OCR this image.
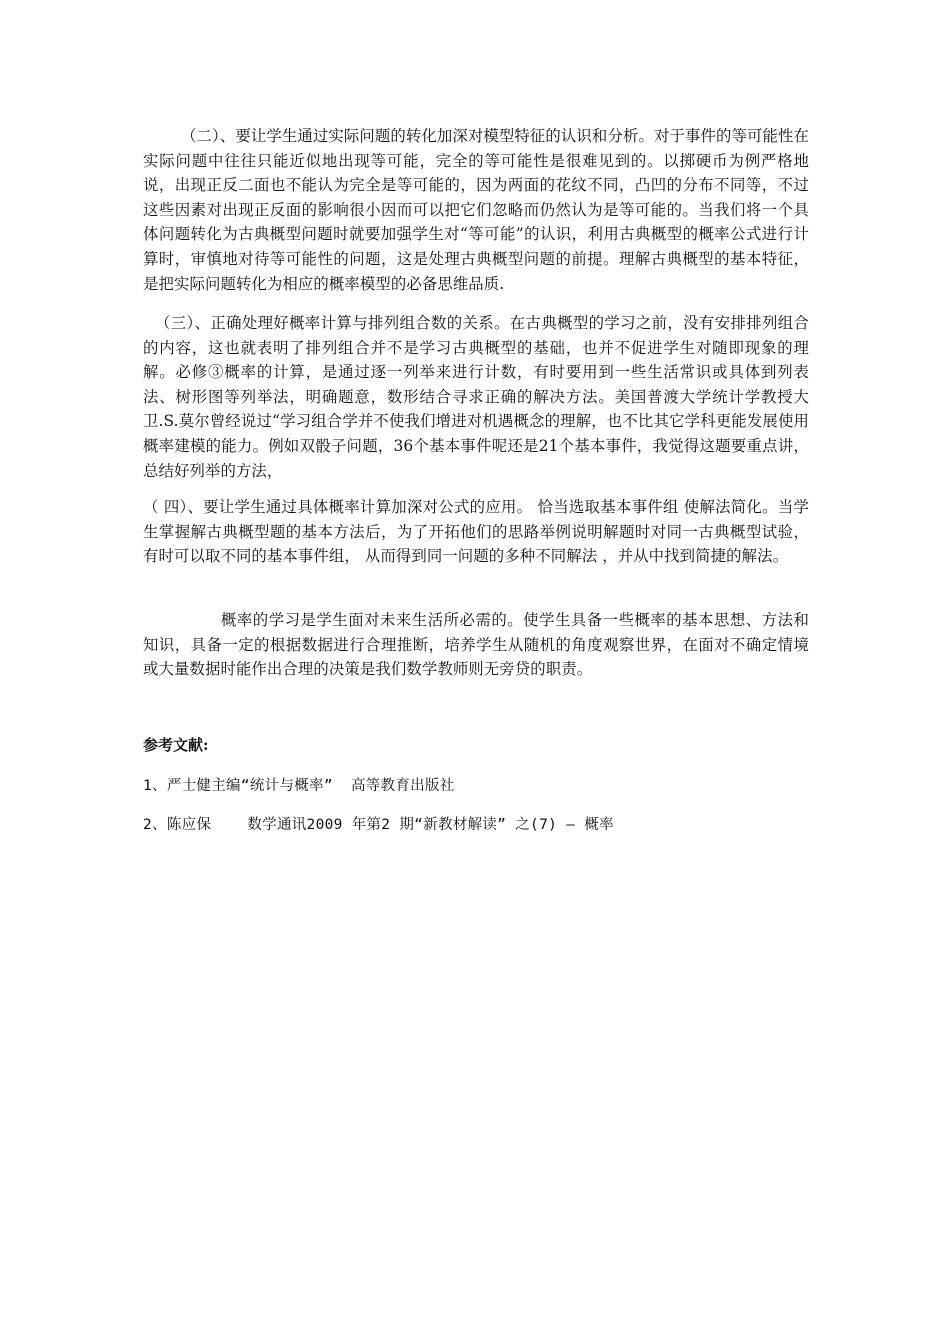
（二）、要让学生通过实际问题的转化加深对模型特征的认识和分析。对于事件的等可能性在实际问题中往往只能近似地出现等可能，完全的等可能性是很难见到的。以掷硬币为例严格地说，出现正反二面也不能认为完全是等可能的，因为两面的花纹不同，凸凹的分布不同等，不过这些因素对出现正反面的影响很小因而可以把它们忽略而仍然认为是等可能的。当我们将一个具体问题转化为古典概型问题时就要加强学生对“等可能”的认识，利用古典概型的概率公式进行计算时，审慎地对待等可能性的问题，这是处理古典概型问题的前提。理解古典概型的基本特征，是把实际问题转化为相应的概率模型的必备思维品质.

（三）、正确处理好概率计算与排列组合数的关系。在古典概型的学习之前，没有安排排列组合的内容，这也就表明了排列组合并不是学习古典概型的基础，也并不促进学生对随即现象的理解。必修③概率的计算，是通过逐一列举来进行计数，有时要用到一些生活常识或具体到列表法、树形图等列举法，明确题意，数形结合寻求正确的解决方法。美国普渡大学统计学教授大卫.S.莫尔曾经说过“学习组合学并不使我们增进对机遇概念的理解，也不比其它学科更能发展使用概率建模的能力。例如双骰子问题，36个基本事件呢还是21个基本事件，我觉得这题要重点讲，总结好列举的方法，

（ 四）、要让学生通过具体概率计算加深对公式的应用。 恰当选取基本事件组 使解法简化。当学生掌握解古典概型题的基本方法后，为了开拓他们的思路举例说明解题时对同一古典概型试验，有时可以取不同的基本事件组， 从而得到同一问题的多种不同解法 ，并从中找到简捷的解法。

概率的学习是学生面对未来生活所必需的。使学生具备一些概率的基本思想、方法和知识，具备一定的根据数据进行合理推断，培养学生从随机的角度观察世界，在面对不确定情境或大量数据时能作出合理的决策是我们数学教师则无旁贷的职责。

参考文献:

1、严士健主编“统计与概率”  高等教育出版社

2、陈应保    数学通讯2009 年第2 期“新教材解读” 之(7) — 概率
